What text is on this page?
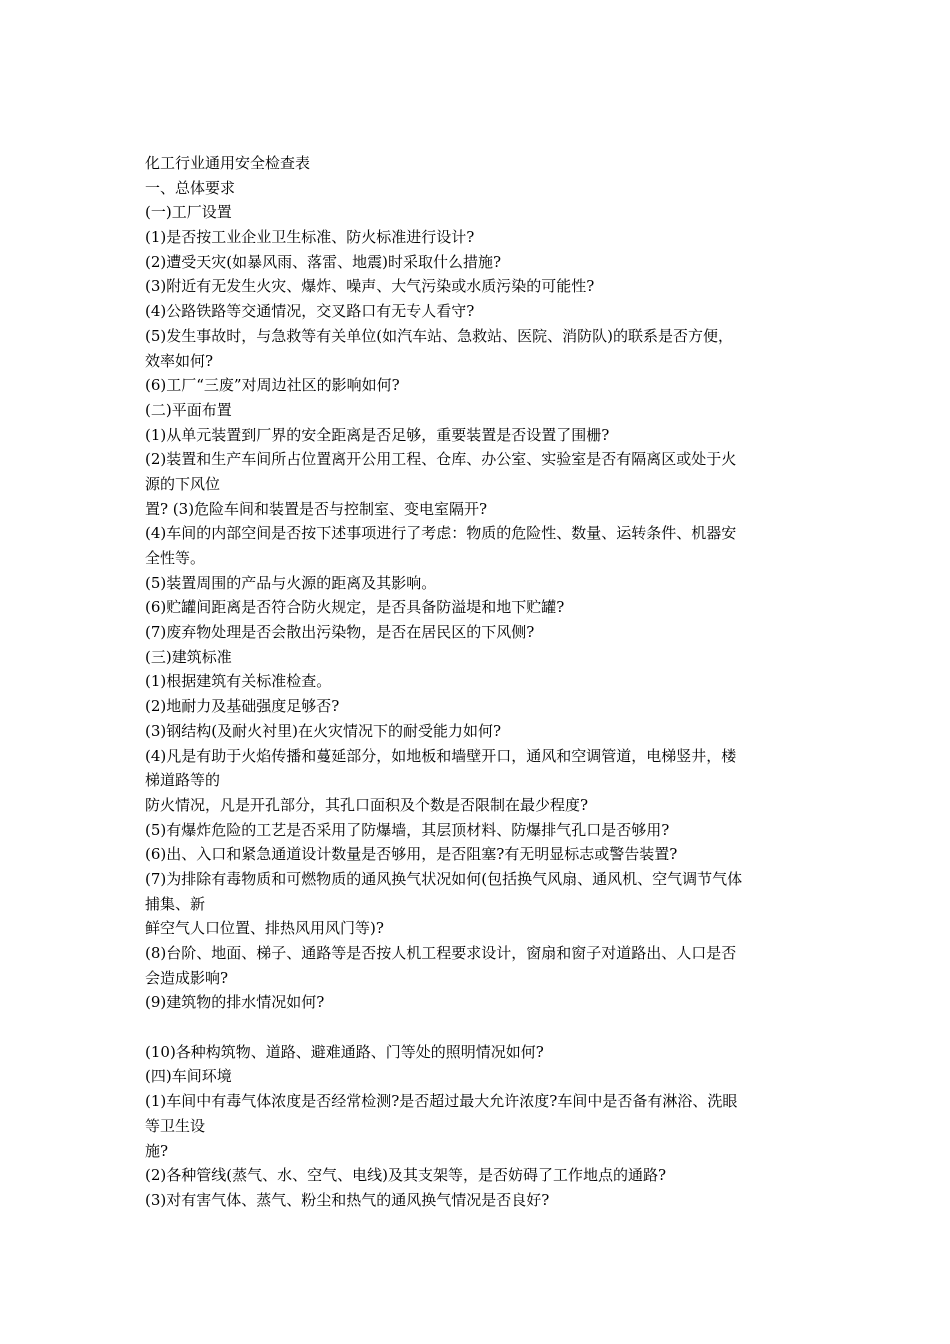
化工行业通用安全检查表
一、总体要求
(一)工厂设置
(1)是否按工业企业卫生标准、防火标准进行设计?
(2)遭受天灾(如暴风雨、落雷、地震)时采取什么措施?
(3)附近有无发生火灾、爆炸、噪声、大气污染或水质污染的可能性?
(4)公路铁路等交通情况，交叉路口有无专人看守?
(5)发生事故时，与急救等有关单位(如汽车站、急救站、医院、消防队)的联系是否方便，
效率如何?
(6)工厂“三废”对周边社区的影响如何?
(二)平面布置
(1)从单元装置到厂界的安全距离是否足够，重要装置是否设置了围栅?
(2)装置和生产车间所占位置离开公用工程、仓库、办公室、实验室是否有隔离区或处于火
源的下风位
置? (3)危险车间和装置是否与控制室、变电室隔开?
(4)车间的内部空间是否按下述事项进行了考虑：物质的危险性、数量、运转条件、机器安
全性等。
(5)装置周围的产品与火源的距离及其影响。
(6)贮罐间距离是否符合防火规定，是否具备防溢堤和地下贮罐?
(7)废弃物处理是否会散出污染物，是否在居民区的下风侧?
(三)建筑标准
(1)根据建筑有关标准检查。
(2)地耐力及基础强度足够否?
(3)钢结构(及耐火衬里)在火灾情况下的耐受能力如何?
(4)凡是有助于火焰传播和蔓延部分，如地板和墙壁开口，通风和空调管道，电梯竖井，楼
梯道路等的
防火情况，凡是开孔部分，其孔口面积及个数是否限制在最少程度?
(5)有爆炸危险的工艺是否采用了防爆墙，其层顶材料、防爆排气孔口是否够用?
(6)出、入口和紧急通道设计数量是否够用，是否阻塞?有无明显标志或警告装置?
(7)为排除有毒物质和可燃物质的通风换气状况如何(包括换气风扇、通风机、空气调节气体
捕集、新
鲜空气人口位置、排热风用风门等)?
(8)台阶、地面、梯子、通路等是否按人机工程要求设计，窗扇和窗子对道路出、人口是否
会造成影响?
(9)建筑物的排水情况如何?
(10)各种构筑物、道路、避难通路、门等处的照明情况如何?
(四)车间环境
(1)车间中有毒气体浓度是否经常检测?是否超过最大允许浓度?车间中是否备有淋浴、洗眼
等卫生设
施?
(2)各种管线(蒸气、水、空气、电线)及其支架等，是否妨碍了工作地点的通路?
(3)对有害气体、蒸气、粉尘和热气的通风换气情况是否良好?
